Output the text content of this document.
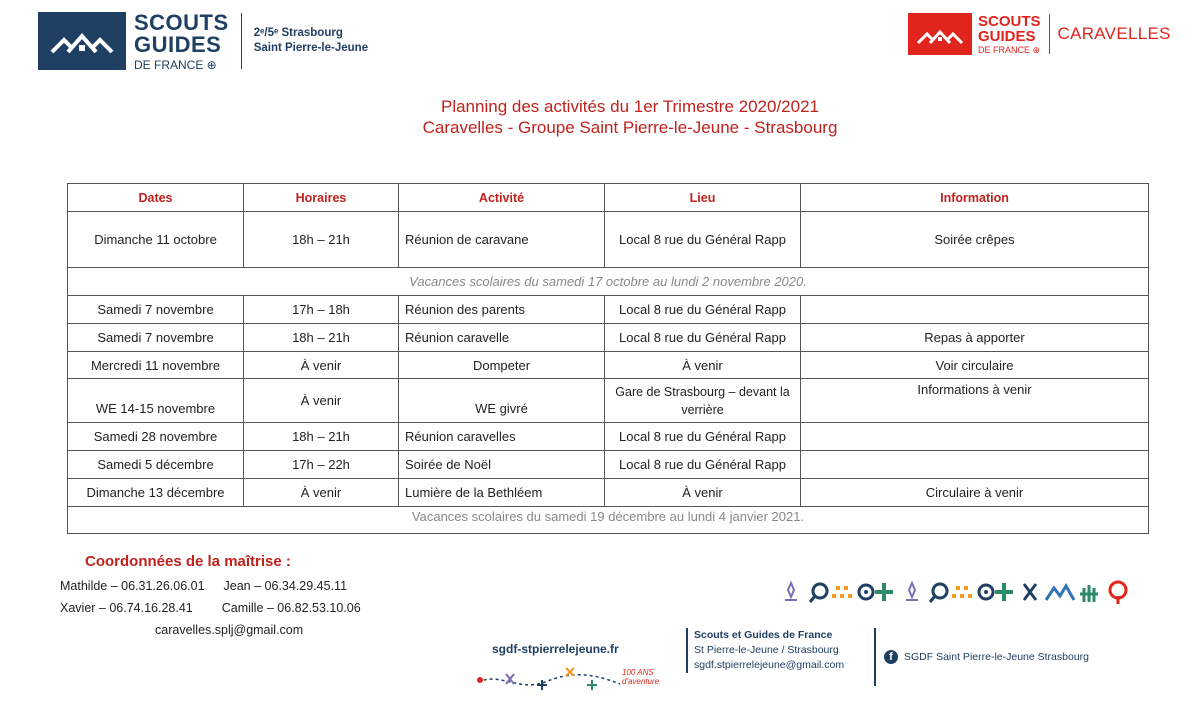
SCOUTS
GUIDES
DE FRANCE ⊕
2ᵉ/5ᵉ Strasbourg
Saint Pierre-le-Jeune
SCOUTS
GUIDES
DE FRANCE ⊕
CARAVELLES
Planning des activités du 1er Trimestre 2020/2021
Caravelles - Groupe Saint Pierre-le-Jeune - Strasbourg
Dates	Horaires	Activité	Lieu	Information
Dimanche 11 octobre	18h – 21h	Réunion de caravane	Local 8 rue du Général Rapp	Soirée crêpes
Vacances scolaires du samedi 17 octobre au lundi 2 novembre 2020.				
Samedi 7 novembre	17h – 18h	Réunion des parents	Local 8 rue du Général Rapp	
Samedi 7 novembre	18h – 21h	Réunion caravelle	Local 8 rue du Général Rapp	Repas à apporter
Mercredi 11 novembre	À venir	Dompeter	À venir	Voir circulaire
WE 14-15 novembre	À venir	WE givré	Gare de Strasbourg – devant la verrière	Informations à venir
Samedi 28 novembre	18h – 21h	Réunion caravelles	Local 8 rue du Général Rapp	
Samedi 5 décembre	17h – 22h	Soirée de Noël	Local 8 rue du Général Rapp	
Dimanche 13 décembre	À venir	Lumière de la Bethléem	À venir	Circulaire à venir
Vacances scolaires du samedi 19 décembre au lundi 4 janvier 2021.				
Coordonnées de la maîtrise :
Mathilde – 06.31.26.06.01 Jean – 06.34.29.45.11
Xavier – 06.74.16.28.41 Camille – 06.82.53.10.06
caravelles.splj@gmail.com
sgdf-stpierrelejeune.fr
100 ANS d'aventure
Scouts et Guides de France
St Pierre-le-Jeune / Strasbourg
sgdf.stpierrelejeune@gmail.com
f	SGDF Saint Pierre-le-Jeune Strasbourg
